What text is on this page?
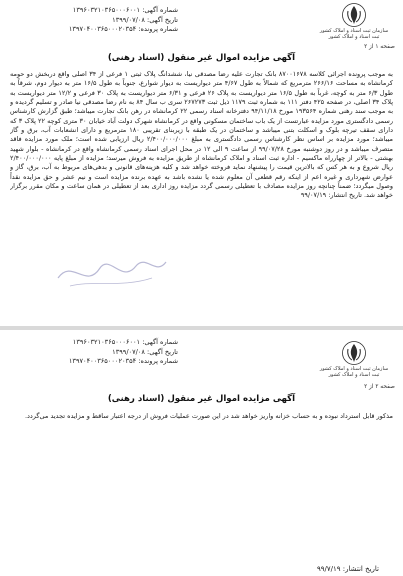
شماره آگهی: ۱۳۹۶۰۳۲۱۰۳۶۵۰۰۰۶۰۰۱
تاریخ آگهی: ۱۳۹۹/۰۷/۰۸
شماره پرونده: ۱۳۹۷۰۴۰۰۳۶۵۰۰۰۲۰۳۵۴	سازمان ثبت اسناد و املاک کشور
ثبت اسناد و املاک کشور
صفحه ۱ از ۲
آگهی مزایده اموال غیر منقول (اسناد رهنی)
به موجب پرونده اجرائی کلاسه ۸۷۰۰۱۶۷۸ بانک تجارت علیه رضا مصدقی نیا، ششدانگ پلاک ثبتی ۱ فرعی از ۳۴ اصلی واقع دربخش دو حومه کرمانشاه به مساحت ۲۶۶/۱۶ مترمربع که شمالاً به طول ۴/۶۷ متر دیواریست به دیوار شوارع، جنوباً به طول ۱۶/۵ متر به دیوار دوم، شرقاً به طول ۶/۳ متر به کوچه، غرباً به طول ۱۶/۵ متر دیواریست به پلاک ۲۶ فرعی و ۶/۳۱ متر دیواریست به پلاک ۳۰ فرعی و ۱۲/۲ متر دیواریست به پلاک ۳۴ اصلی، در صفحه ۴۲۵ دفتر ۱۱۱ به شماره ثبت ۱۱۷۹ ذیل ثبت ۲۶۷۲۷۳ سری ب سال ۸۴ به نام رضا مصدقی نیا صادر و تسلیم گردیده و به موجب سند رهنی شماره ۱۹۳۵۶۴ مورخ ۹۴/۱۱/۱۸ دفترخانه اسناد رسمی ۲۲ کرمانشاه در رهن بانک تجارت میباشد؛ طبق گزارش کارشناس رسمی دادگستری مورد مزایده عبارتست از یک باب ساختمان مسکونی واقع در کرمانشاه شهرک دولت آباد خیابان ۳۰ متری کوچه ۲۲ پلاک ۳ که دارای سقف تیرچه بلوک و اسکلت بتنی میباشد و ساختمان در یک طبقه با زیربنای تقریبی ۱۸۰ مترمربع و دارای انشعابات آب، برق و گاز میباشد؛ مورد مزایده بر اساس نظر کارشناس رسمی دادگستری به مبلغ ۲/۴۰۰/۰۰۰/۰۰۰ ریال ارزیابی شده است؛ ملک مورد مزایده فاقد متصرف میباشد و در روز دوشنبه مورخ ۹۹/۰۷/۲۸ از ساعت ۹ الی ۱۲ در محل اجرای اسناد رسمی کرمانشاه واقع در کرمانشاه - بلوار شهید بهشتی - بالاتر از چهارراه ماکسیم - اداره ثبت اسناد و املاک کرمانشاه از طریق مزایده به فروش میرسد؛ مزایده از مبلغ پایه ۲/۴۰۰/۰۰۰/۰۰۰ ریال شروع و به هر کس که بالاترین قیمت را پیشنهاد نماید فروخته خواهد شد و کلیه هزینه‌های قانونی و بدهی‌های مربوط به آب، برق، گاز و عوارض شهرداری و غیره اعم از اینکه رقم قطعی آن معلوم شده یا نشده باشد به عهده برنده مزایده است و نیم عشر و حق مزایده نقداً وصول میگردد؛ ضمناً چنانچه روز مزایده مصادف با تعطیلی رسمی گردد مزایده روز اداری بعد از تعطیلی در همان ساعت و مکان مقرر برگزار خواهد شد. تاریخ انتشار: ۹۹/۰۷/۱۹
شماره آگهی: ۱۳۹۶۰۳۲۱۰۳۶۵۰۰۰۶۰۰۱
تاریخ آگهی: ۱۳۹۹/۰۷/۰۸
شماره پرونده: ۱۳۹۷۰۴۰۰۳۶۵۰۰۰۲۰۳۵۴
سازمان ثبت اسناد و املاک کشور
ثبت اسناد و املاک کشور
صفحه ۲ از ۲
آگهی مزایده اموال غیر منقول (اسناد رهنی)
مذکور قابل استرداد نبوده و به حساب خزانه واریز خواهد شد در این صورت عملیات فروش از درجه اعتبار ساقط و مزایده تجدید می‌گردد.
تاریخ انتشار: ۹۹/۷/۱۹
